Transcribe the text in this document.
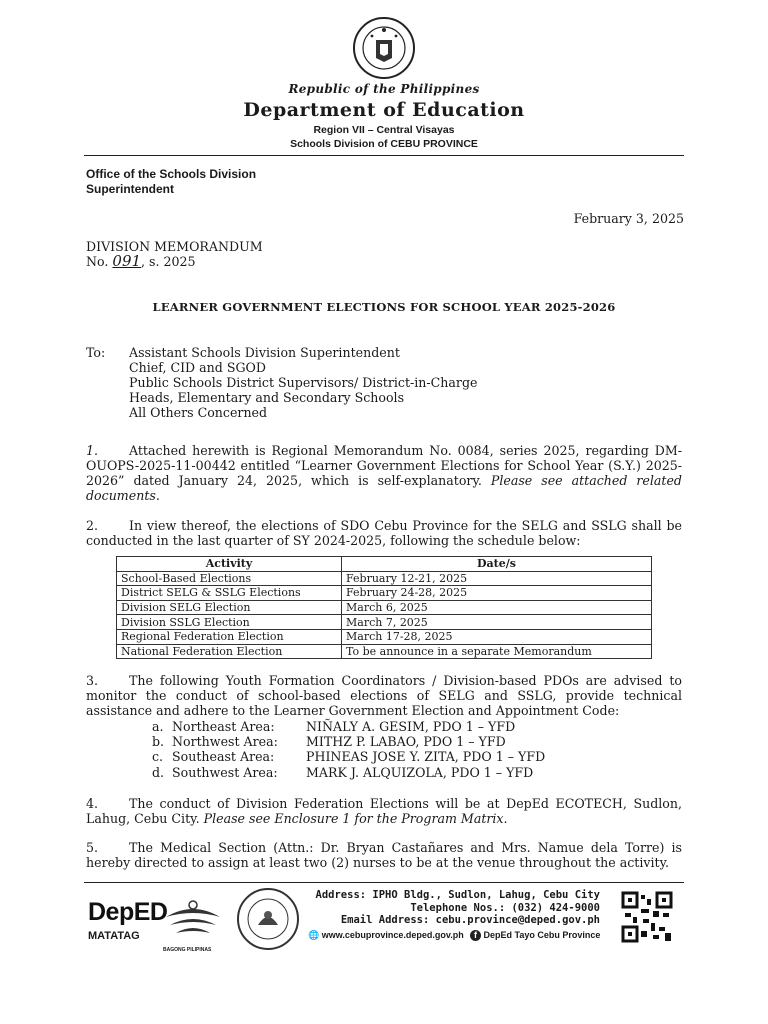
Republic of the Philippines
Department of Education
Region VII – Central Visayas
Schools Division of CEBU PROVINCE
Office of the Schools Division
Superintendent
February 3, 2025
DIVISION MEMORANDUM
No. 091, s. 2025
LEARNER GOVERNMENT ELECTIONS FOR SCHOOL YEAR 2025-2026
To: Assistant Schools Division Superintendent
Chief, CID and SGOD
Public Schools District Supervisors/ District-in-Charge
Heads, Elementary and Secondary Schools
All Others Concerned
1. Attached herewith is Regional Memorandum No. 0084, series 2025, regarding DM-OUOPS-2025-11-00442 entitled “Learner Government Elections for School Year (S.Y.) 2025-2026” dated January 24, 2025, which is self-explanatory. Please see attached related documents.
2. In view thereof, the elections of SDO Cebu Province for the SELG and SSLG shall be conducted in the last quarter of SY 2024-2025, following the schedule below:
Activity	Date/s
School-Based Elections	February 12-21, 2025
District SELG & SSLG Elections	February 24-28, 2025
Division SELG Election	March 6, 2025
Division SSLG Election	March 7, 2025
Regional Federation Election	March 17-28, 2025
National Federation Election	To be announce in a separate Memorandum
3. The following Youth Formation Coordinators / Division-based PDOs are advised to monitor the conduct of school-based elections of SELG and SSLG, provide technical assistance and adhere to the Learner Government Election and Appointment Code:
a. Northeast Area:	NIÑALY A. GESIM, PDO 1 – YFD
b. Northwest Area:	MITHZ P. LABAO, PDO 1 – YFD
c. Southeast Area:	PHINEAS JOSE Y. ZITA, PDO 1 – YFD
d. Southwest Area:	MARK J. ALQUIZOLA, PDO 1 – YFD
4. The conduct of Division Federation Elections will be at DepEd ECOTECH, Sudlon, Lahug, Cebu City. Please see Enclosure 1 for the Program Matrix.
5. The Medical Section (Attn.: Dr. Bryan Castañares and Mrs. Namue dela Torre) is hereby directed to assign at least two (2) nurses to be at the venue throughout the activity.
DepED
MATATAG
BAGONG PILIPINAS
Address: IPHO Bldg., Sudlon, Lahug, Cebu City
Telephone Nos.: (032) 424-9000
Email Address: cebu.province@deped.gov.ph
🌐 www.cebuprovince.deped.gov.ph	f DepEd Tayo Cebu Province
